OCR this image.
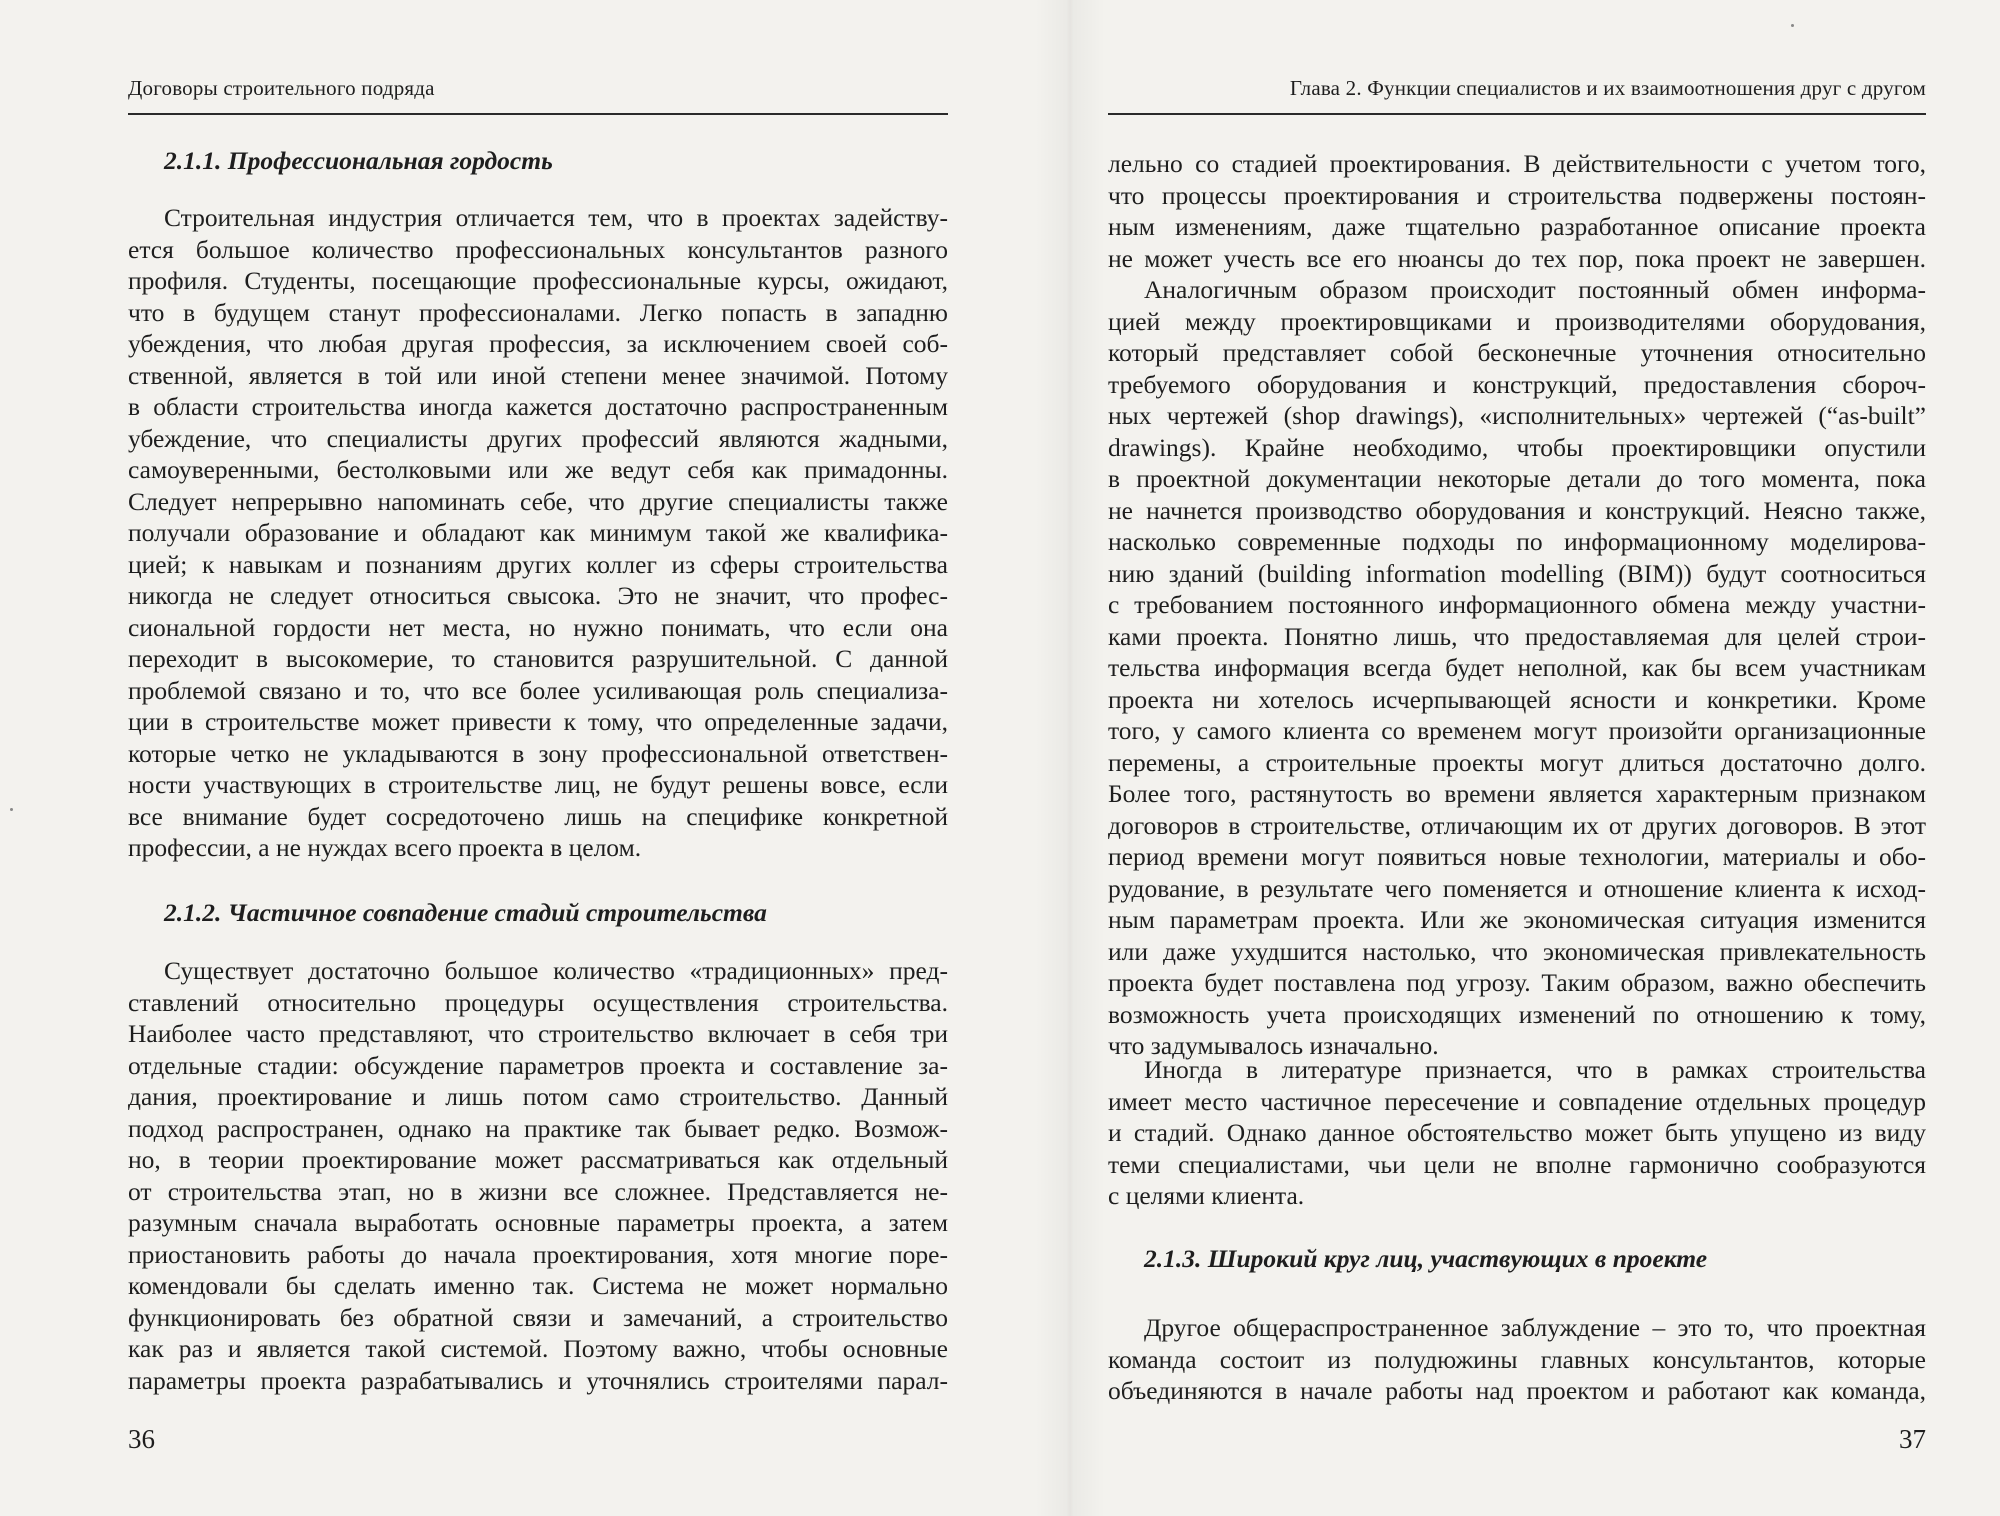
Договоры строительного подряда
2.1.1. Профессиональная гордость
Строительная индустрия отличается тем, что в проектах задейству-
ется большое количество профессиональных консультантов разного
профиля. Студенты, посещающие профессиональные курсы, ожидают,
что в будущем станут профессионалами. Легко попасть в западню
убеждения, что любая другая профессия, за исключением своей соб-
ственной, является в той или иной степени менее значимой. Потому
в области строительства иногда кажется достаточно распространенным
убеждение, что специалисты других профессий являются жадными,
самоуверенными, бестолковыми или же ведут себя как примадонны.
Следует непрерывно напоминать себе, что другие специалисты также
получали образование и обладают как минимум такой же квалифика-
цией; к навыкам и познаниям других коллег из сферы строительства
никогда не следует относиться свысока. Это не значит, что профес-
сиональной гордости нет места, но нужно понимать, что если она
переходит в высокомерие, то становится разрушительной. С данной
проблемой связано и то, что все более усиливающая роль специализа-
ции в строительстве может привести к тому, что определенные задачи,
которые четко не укладываются в зону профессиональной ответствен-
ности участвующих в строительстве лиц, не будут решены вовсе, если
все внимание будет сосредоточено лишь на специфике конкретной
профессии, а не нуждах всего проекта в целом.
2.1.2. Частичное совпадение стадий строительства
Существует достаточно большое количество «традиционных» пред-
ставлений относительно процедуры осуществления строительства.
Наиболее часто представляют, что строительство включает в себя три
отдельные стадии: обсуждение параметров проекта и составление за-
дания, проектирование и лишь потом само строительство. Данный
подход распространен, однако на практике так бывает редко. Возмож-
но, в теории проектирование может рассматриваться как отдельный
от строительства этап, но в жизни все сложнее. Представляется не-
разумным сначала выработать основные параметры проекта, а затем
приостановить работы до начала проектирования, хотя многие поре-
комендовали бы сделать именно так. Система не может нормально
функционировать без обратной связи и замечаний, а строительство
как раз и является такой системой. Поэтому важно, чтобы основные
параметры проекта разрабатывались и уточнялись строителями парал-
36
Глава 2. Функции специалистов и их взаимоотношения друг с другом
лельно со стадией проектирования. В действительности с учетом того,
что процессы проектирования и строительства подвержены постоян-
ным изменениям, даже тщательно разработанное описание проекта
не может учесть все его нюансы до тех пор, пока проект не завершен.
Аналогичным образом происходит постоянный обмен информа-
цией между проектировщиками и производителями оборудования,
который представляет собой бесконечные уточнения относительно
требуемого оборудования и конструкций, предоставления сбороч-
ных чертежей (shop drawings), «исполнительных» чертежей (“as-built”
drawings). Крайне необходимо, чтобы проектировщики опустили
в проектной документации некоторые детали до того момента, пока
не начнется производство оборудования и конструкций. Неясно также,
насколько современные подходы по информационному моделирова-
нию зданий (building information modelling (BIM)) будут соотноситься
с требованием постоянного информационного обмена между участни-
ками проекта. Понятно лишь, что предоставляемая для целей строи-
тельства информация всегда будет неполной, как бы всем участникам
проекта ни хотелось исчерпывающей ясности и конкретики. Кроме
того, у самого клиента со временем могут произойти организационные
перемены, а строительные проекты могут длиться достаточно долго.
Более того, растянутость во времени является характерным признаком
договоров в строительстве, отличающим их от других договоров. В этот
период времени могут появиться новые технологии, материалы и обо-
рудование, в результате чего поменяется и отношение клиента к исход-
ным параметрам проекта. Или же экономическая ситуация изменится
или даже ухудшится настолько, что экономическая привлекательность
проекта будет поставлена под угрозу. Таким образом, важно обеспечить
возможность учета происходящих изменений по отношению к тому,
что задумывалось изначально.
Иногда в литературе признается, что в рамках строительства
имеет место частичное пересечение и совпадение отдельных процедур
и стадий. Однако данное обстоятельство может быть упущено из виду
теми специалистами, чьи цели не вполне гармонично сообразуются
с целями клиента.
2.1.3. Широкий круг лиц, участвующих в проекте
Другое общераспространенное заблуждение – это то, что проектная
команда состоит из полудюжины главных консультантов, которые
объединяются в начале работы над проектом и работают как команда,
37
